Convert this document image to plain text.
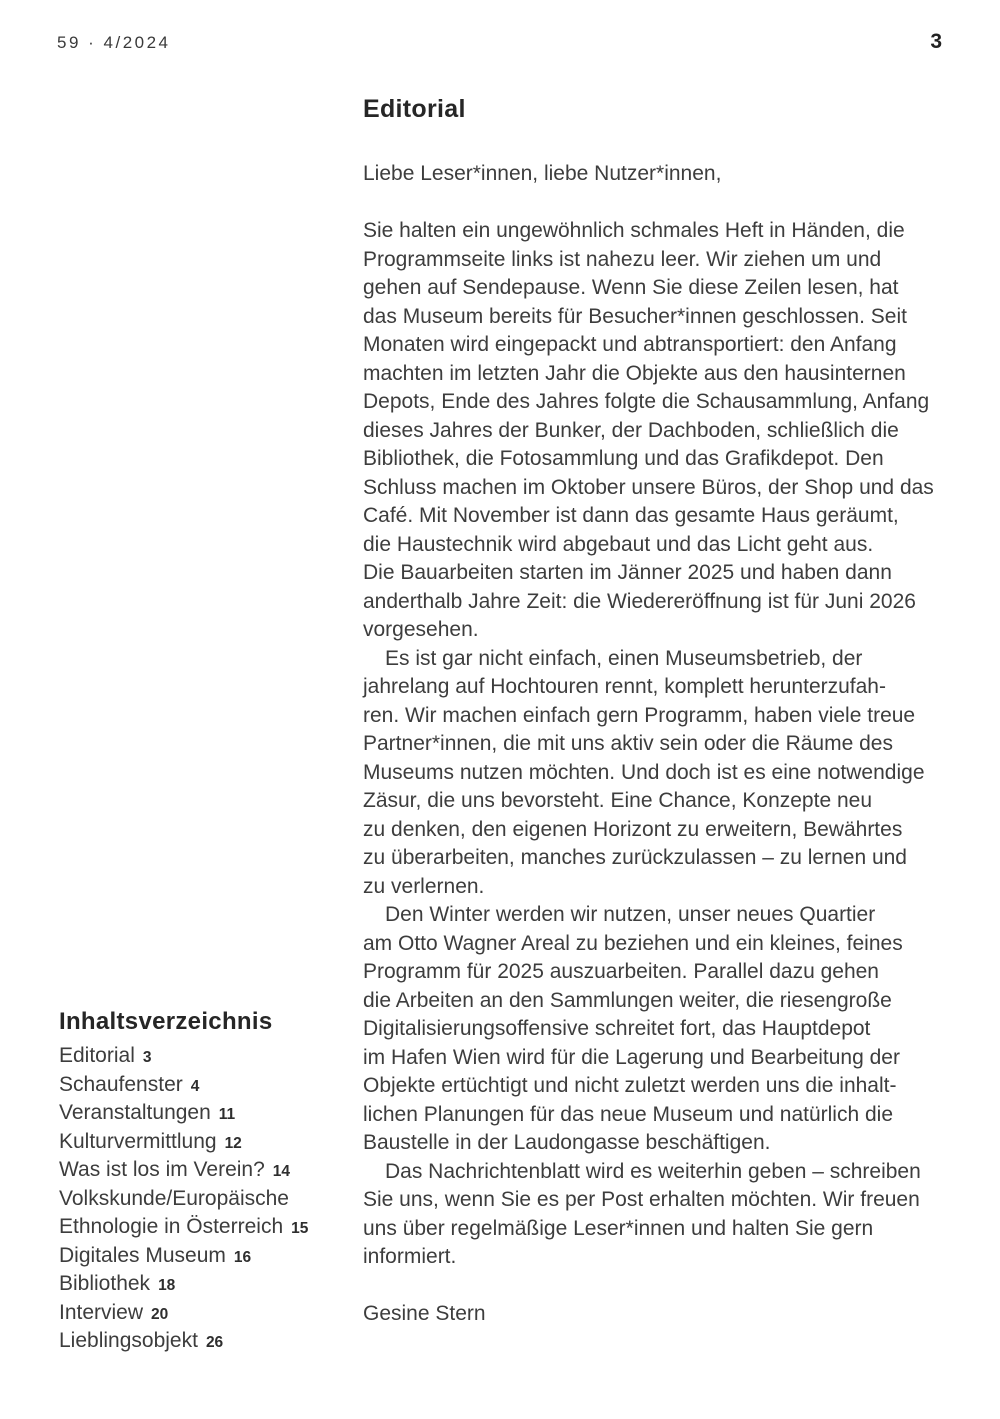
59 · 4/2024	3
Editorial
Liebe Leser*innen, liebe Nutzer*innen,

Sie halten ein ungewöhnlich schmales Heft in Händen, die
Programmseite links ist nahezu leer. Wir ziehen um und
gehen auf Sendepause. Wenn Sie diese Zeilen lesen, hat
das Museum bereits für Besucher*innen geschlossen. Seit
Monaten wird eingepackt und abtransportiert: den Anfang
machten im letzten Jahr die Objekte aus den hausinternen
Depots, Ende des Jahres folgte die Schausammlung, Anfang
dieses Jahres der Bunker, der Dachboden, schließlich die
Bibliothek, die Fotosammlung und das Grafikdepot. Den
Schluss machen im Oktober unsere Büros, der Shop und das
Café. Mit November ist dann das gesamte Haus geräumt,
die Haustechnik wird abgebaut und das Licht geht aus.
Die Bauarbeiten starten im Jänner 2025 und haben dann
anderthalb Jahre Zeit: die Wiedereröffnung ist für Juni 2026
vorgesehen.
Es ist gar nicht einfach, einen Museumsbetrieb, der
jahrelang auf Hochtouren rennt, komplett herunterzufah-
ren. Wir machen einfach gern Programm, haben viele treue
Partner*innen, die mit uns aktiv sein oder die Räume des
Museums nutzen möchten. Und doch ist es eine notwendige
Zäsur, die uns bevorsteht. Eine Chance, Konzepte neu
zu denken, den eigenen Horizont zu erweitern, Bewährtes
zu überarbeiten, manches zurückzulassen – zu lernen und
zu verlernen.
Den Winter werden wir nutzen, unser neues Quartier
am Otto Wagner Areal zu beziehen und ein kleines, feines
Programm für 2025 auszuarbeiten. Parallel dazu gehen
die Arbeiten an den Sammlungen weiter, die riesengroße
Digitalisierungsoffensive schreitet fort, das Hauptdepot
im Hafen Wien wird für die Lagerung und Bearbeitung der
Objekte ertüchtigt und nicht zuletzt werden uns die inhalt-
lichen Planungen für das neue Museum und natürlich die
Baustelle in der Laudongasse beschäftigen.
Das Nachrichtenblatt wird es weiterhin geben – schreiben
Sie uns, wenn Sie es per Post erhalten möchten. Wir freuen
uns über regelmäßige Leser*innen und halten Sie gern
informiert.

Gesine Stern
Inhaltsverzeichnis
Editorial 3
Schaufenster 4
Veranstaltungen 11
Kulturvermittlung 12
Was ist los im Verein? 14
Volkskunde/Europäische
Ethnologie in Österreich 15
Digitales Museum 16
Bibliothek 18
Interview 20
Lieblingsobjekt 26
